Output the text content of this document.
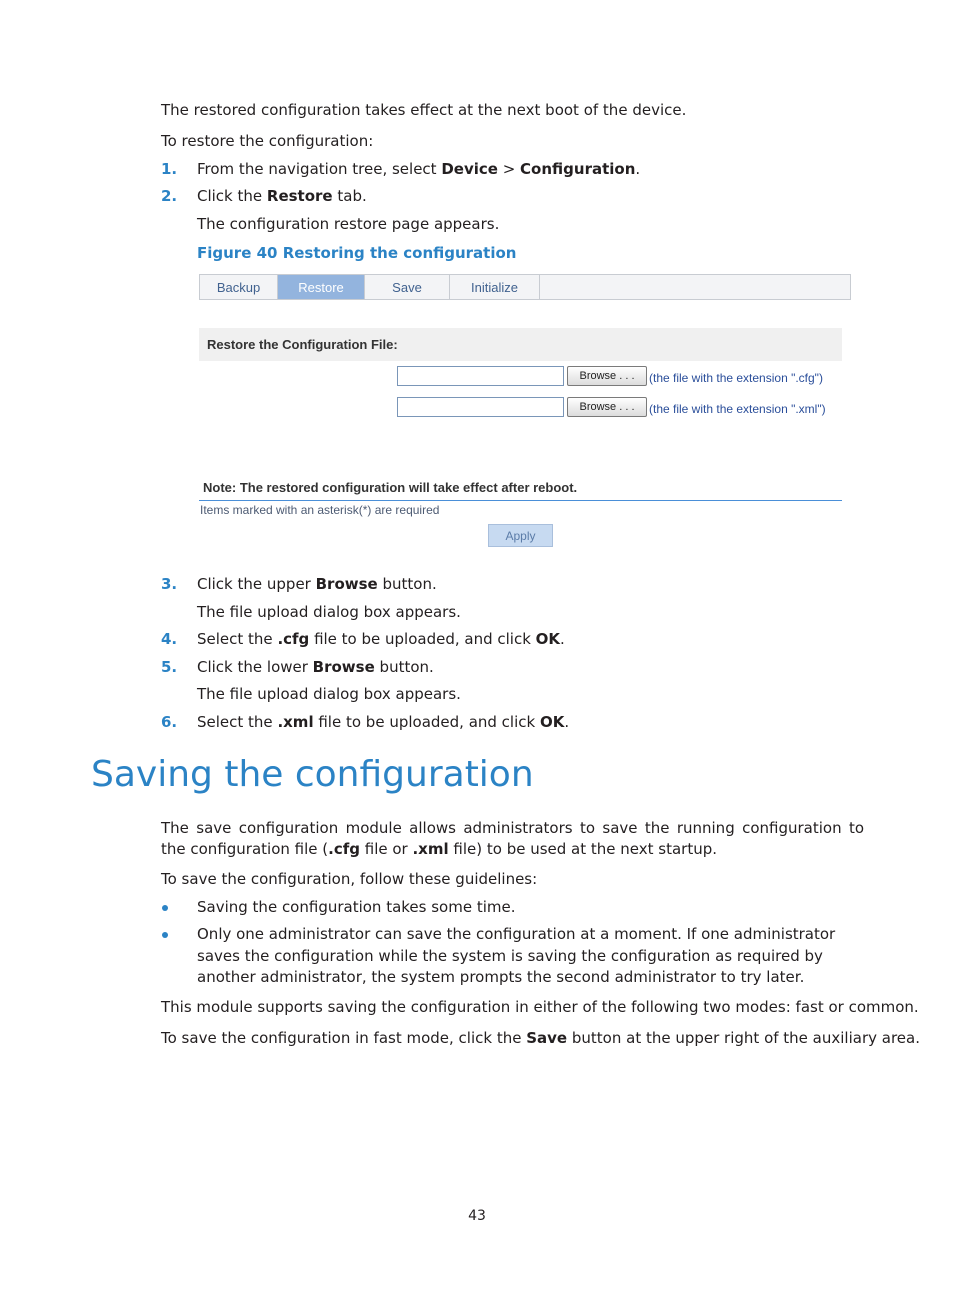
The restored configuration takes effect at the next boot of the device.
To restore the configuration:
1. From the navigation tree, select Device > Configuration.
2. Click the Restore tab.
The configuration restore page appears.
Figure 40 Restoring the configuration
Backup	Restore	Save	Initialize
Restore the Configuration File:
Browse . . .	(the file with the extension ".cfg")
Browse . . .	(the file with the extension ".xml")
Note: The restored configuration will take effect after reboot.
Items marked with an asterisk(*) are required
Apply
3. Click the upper Browse button.
The file upload dialog box appears.
4. Select the .cfg file to be uploaded, and click OK.
5. Click the lower Browse button.
The file upload dialog box appears.
6. Select the .xml file to be uploaded, and click OK.
Saving the configuration
The save configuration module allows administrators to save the running configuration to the configuration file (.cfg file or .xml file) to be used at the next startup.
To save the configuration, follow these guidelines:
Saving the configuration takes some time.
Only one administrator can save the configuration at a moment. If one administrator saves the configuration while the system is saving the configuration as required by another administrator, the system prompts the second administrator to try later.
This module supports saving the configuration in either of the following two modes: fast or common.
To save the configuration in fast mode, click the Save button at the upper right of the auxiliary area.
43
